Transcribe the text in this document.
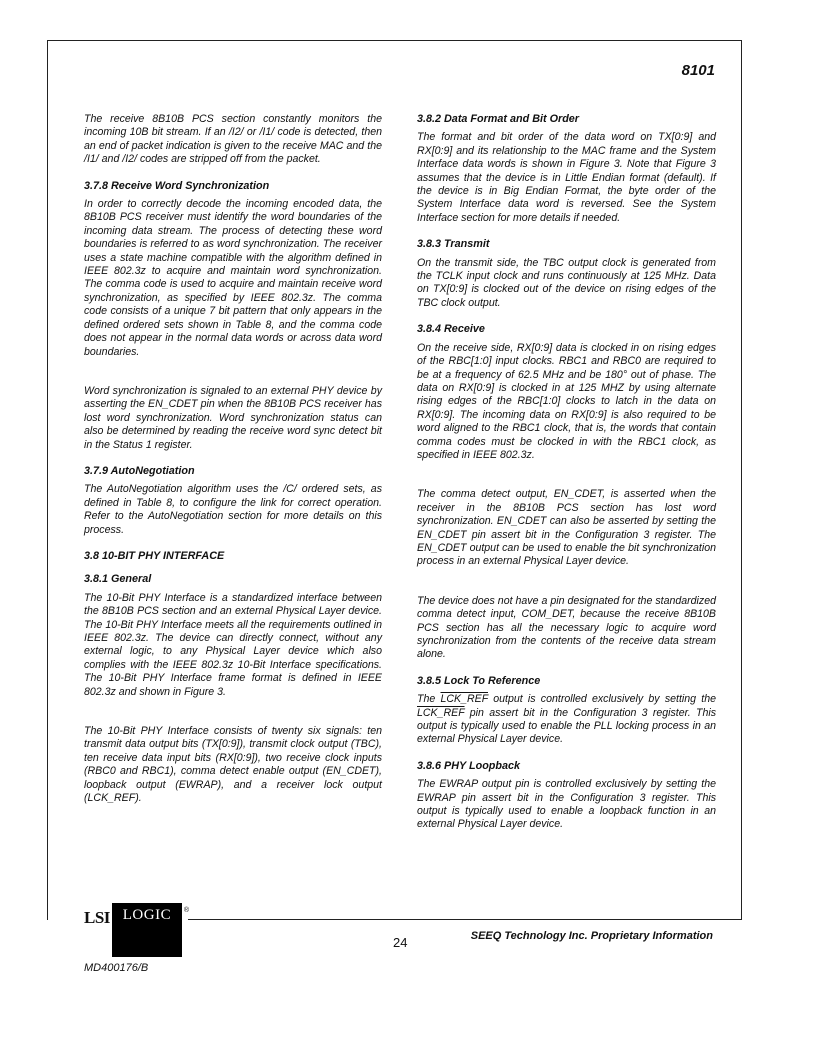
8101

The receive 8B10B PCS section constantly monitors the incoming 10B bit stream. If an /I2/ or /I1/ code is detected, then an end of packet indication is given to the receive MAC and the /I1/ and /I2/ codes are stripped off from the packet.

3.7.8 Receive Word Synchronization

In order to correctly decode the incoming encoded data, the 8B10B PCS receiver must identify the word boundaries of the incoming data stream. The process of detecting these word boundaries is referred to as word synchronization. The receiver uses a state machine compatible with the algorithm defined in IEEE 802.3z to acquire and maintain word synchronization. The comma code is used to acquire and maintain receive word synchronization, as specified by IEEE 802.3z. The comma code consists of a unique 7 bit pattern that only appears in the defined ordered sets shown in Table 8, and the comma code does not appear in the normal data words or across data word boundaries.

Word synchronization is signaled to an external PHY device by asserting the EN_CDET pin when the 8B10B PCS receiver has lost word synchronization. Word synchronization status can also be determined by reading the receive word sync detect bit in the Status 1 register.

3.7.9 AutoNegotiation

The AutoNegotiation algorithm uses the /C/ ordered sets, as defined in Table 8, to configure the link for correct operation. Refer to the AutoNegotiation section for more details on this process.

3.8 10-BIT PHY INTERFACE
3.8.1 General

The 10-Bit PHY Interface is a standardized interface between the 8B10B PCS section and an external Physical Layer device. The 10-Bit PHY Interface meets all the requirements outlined in IEEE 802.3z. The device can directly connect, without any external logic, to any Physical Layer device which also complies with the IEEE 802.3z 10-Bit Interface specifications. The 10-Bit PHY Interface frame format is defined in IEEE 802.3z and shown in Figure 3.

The 10-Bit PHY Interface consists of twenty six signals: ten transmit data output bits (TX[0:9]), transmit clock output (TBC), ten receive data input bits (RX[0:9]), two receive clock inputs (RBC0 and RBC1), comma detect enable output (EN_CDET), loopback output (EWRAP), and a receiver lock output (LCK_REF).

3.8.2 Data Format and Bit Order

The format and bit order of the data word on TX[0:9] and RX[0:9] and its relationship to the MAC frame and the System Interface data words is shown in Figure 3. Note that Figure 3 assumes that the device is in Little Endian format (default). If the device is in Big Endian Format, the byte order of the System Interface data word is reversed. See the System Interface section for more details if needed.

3.8.3 Transmit

On the transmit side, the TBC output clock is generated from the TCLK input clock and runs continuously at 125 MHz. Data on TX[0:9] is clocked out of the device on rising edges of the TBC clock output.

3.8.4 Receive

On the receive side, RX[0:9] data is clocked in on rising edges of the RBC[1:0] input clocks. RBC1 and RBC0 are required to be at a frequency of 62.5 MHz and be 180° out of phase. The data on RX[0:9] is clocked in at 125 MHZ by using alternate rising edges of the RBC[1:0] clocks to latch in the data on RX[0:9]. The incoming data on RX[0:9] is also required to be word aligned to the RBC1 clock, that is, the words that contain comma codes must be clocked in with the RBC1 clock, as specified in IEEE 802.3z.

The comma detect output, EN_CDET, is asserted when the receiver in the 8B10B PCS section has lost word synchronization. EN_CDET can also be asserted by setting the EN_CDET pin assert bit in the Configuration 3 register. The EN_CDET output can be used to enable the bit synchronization process in an external Physical Layer device.

The device does not have a pin designated for the standardized comma detect input, COM_DET, because the receive 8B10B PCS section has all the necessary logic to acquire word synchronization from the contents of the receive data stream alone.

3.8.5 Lock To Reference

The LCK_REF output is controlled exclusively by setting the LCK_REF pin assert bit in the Configuration 3 register. This output is typically used to enable the PLL locking process in an external Physical Layer device.

3.8.6 PHY Loopback

The EWRAP output pin is controlled exclusively by setting the EWRAP pin assert bit in the Configuration 3 register. This output is typically used to enable a loopback function in an external Physical Layer device.

LSI LOGIC	®
24	SEEQ Technology Inc. Proprietary Information
MD400176/B
